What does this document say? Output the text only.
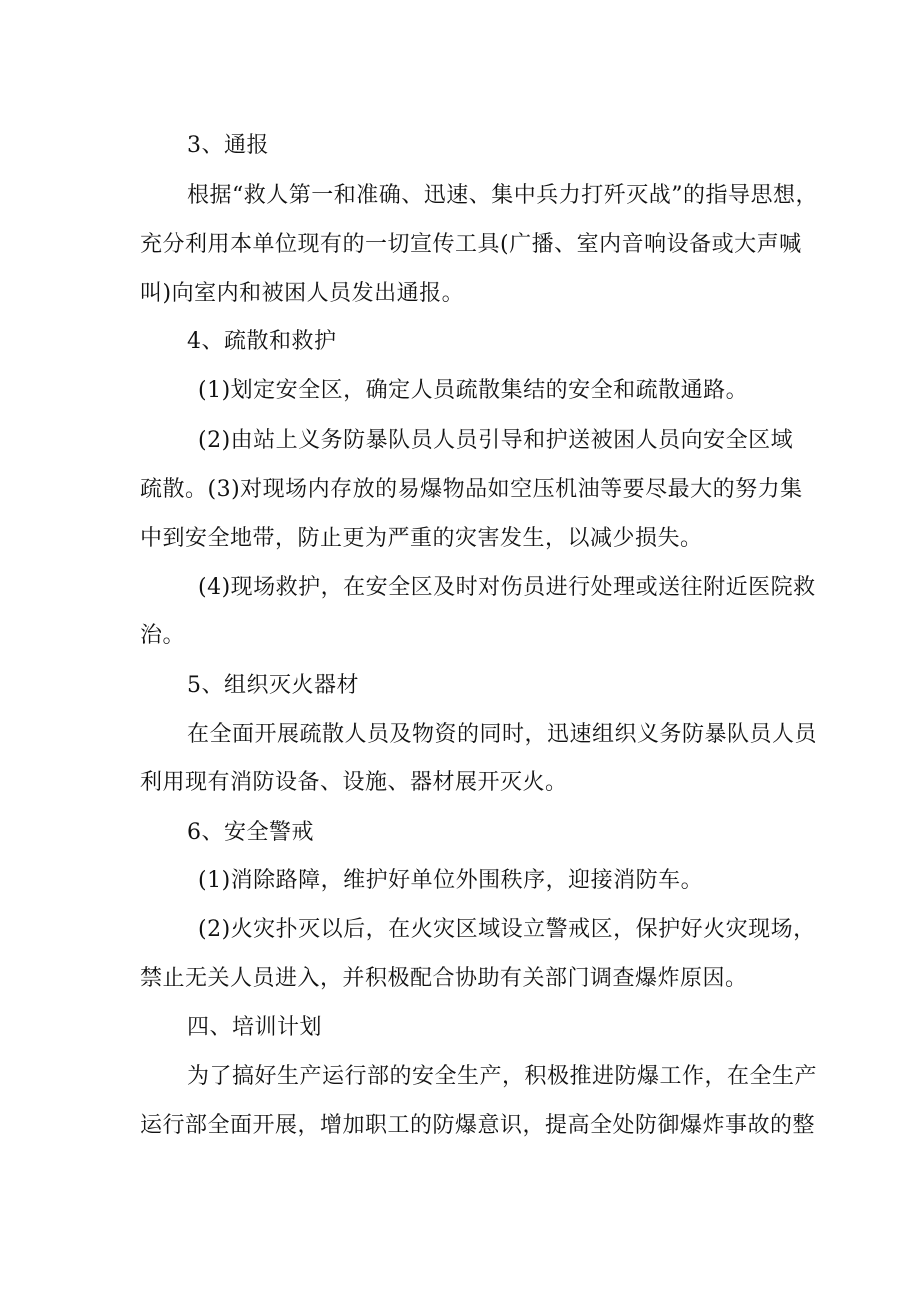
3、通报
根据“救人第一和准确、迅速、集中兵力打歼灭战”的指导思想，
充分利用本单位现有的一切宣传工具(广播、室内音响设备或大声喊
叫)向室内和被困人员发出通报。
4、疏散和救护
(1)划定安全区，确定人员疏散集结的安全和疏散通路。
(2)由站上义务防暴队员人员引导和护送被困人员向安全区域
疏散。(3)对现场内存放的易爆物品如空压机油等要尽最大的努力集
中到安全地带，防止更为严重的灾害发生，以减少损失。
(4)现场救护，在安全区及时对伤员进行处理或送往附近医院救
治。
5、组织灭火器材
在全面开展疏散人员及物资的同时，迅速组织义务防暴队员人员
利用现有消防设备、设施、器材展开灭火。
6、安全警戒
(1)消除路障，维护好单位外围秩序，迎接消防车。
(2)火灾扑灭以后，在火灾区域设立警戒区，保护好火灾现场，
禁止无关人员进入，并积极配合协助有关部门调查爆炸原因。
四、培训计划
为了搞好生产运行部的安全生产，积极推进防爆工作，在全生产
运行部全面开展，增加职工的防爆意识，提高全处防御爆炸事故的整
